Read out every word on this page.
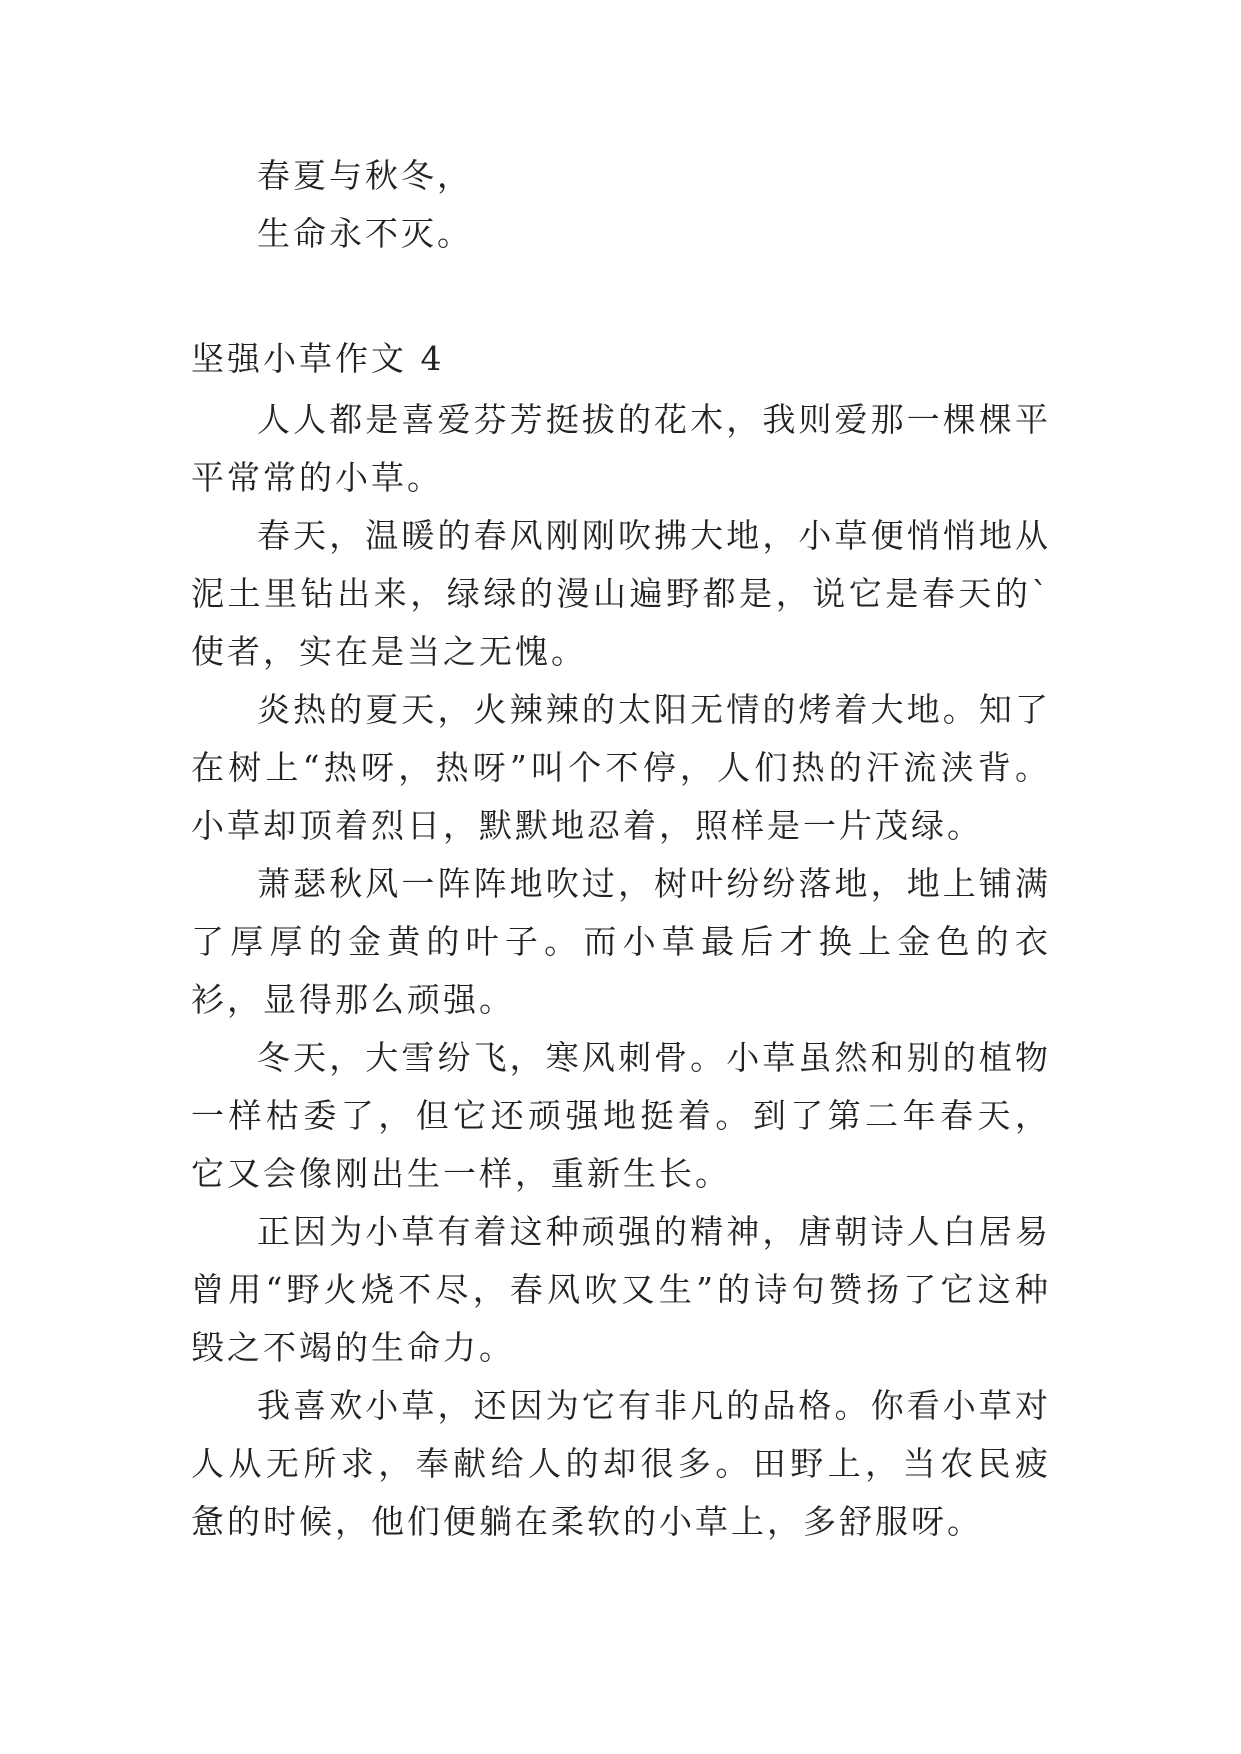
春夏与秋冬，
生命永不灭。
坚强小草作文 4

人人都是喜爱芬芳挺拔的花木，我则爱那一棵棵平平常常的小草。

春天，温暖的春风刚刚吹拂大地，小草便悄悄地从泥土里钻出来，绿绿的漫山遍野都是，说它是春天的`使者，实在是当之无愧。

炎热的夏天，火辣辣的太阳无情的烤着大地。知了在树上“热呀，热呀”叫个不停，人们热的汗流浃背。小草却顶着烈日，默默地忍着，照样是一片茂绿。

萧瑟秋风一阵阵地吹过，树叶纷纷落地，地上铺满了厚厚的金黄的叶子。而小草最后才换上金色的衣衫，显得那么顽强。

冬天，大雪纷飞，寒风刺骨。小草虽然和别的植物一样枯委了，但它还顽强地挺着。到了第二年春天，它又会像刚出生一样，重新生长。

正因为小草有着这种顽强的精神，唐朝诗人白居易曾用“野火烧不尽，春风吹又生”的诗句赞扬了它这种毁之不竭的生命力。

我喜欢小草，还因为它有非凡的品格。你看小草对人从无所求，奉献给人的却很多。田野上，当农民疲惫的时候，他们便躺在柔软的小草上，多舒服呀。
